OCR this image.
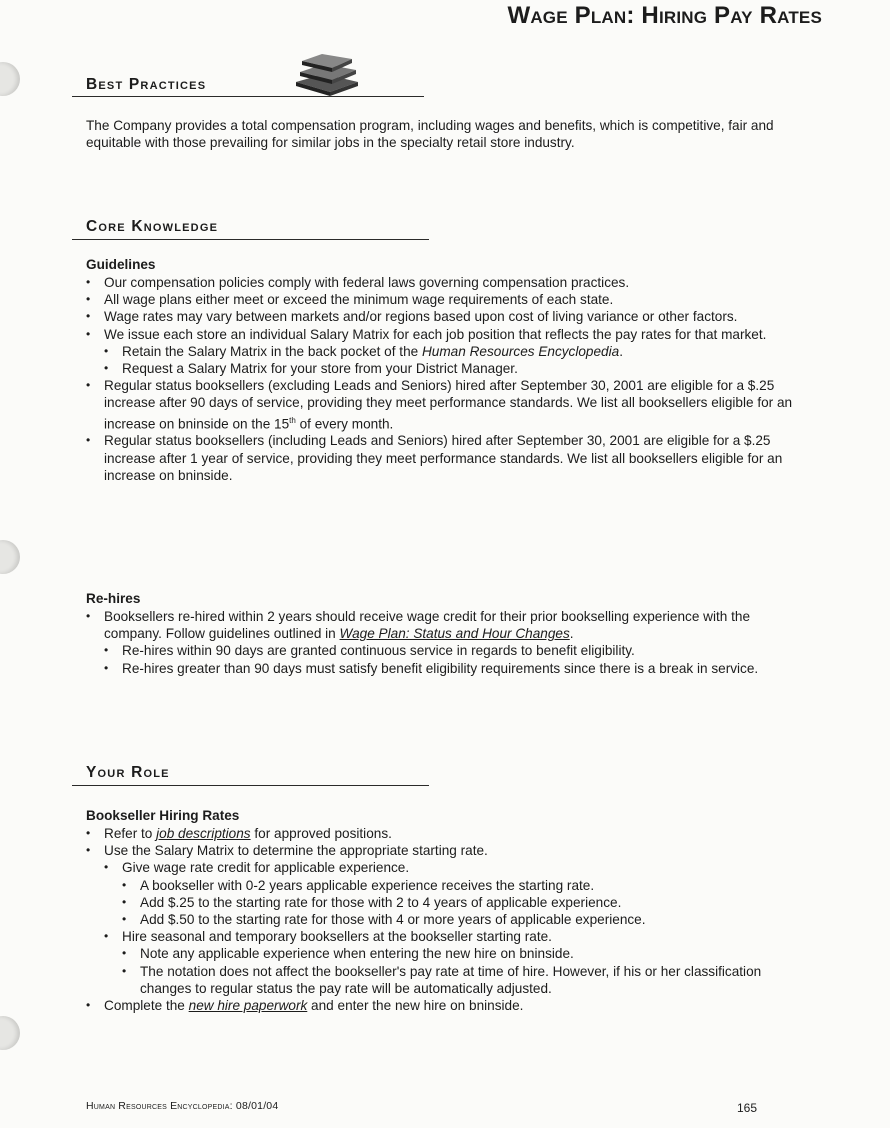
Wage Plan: Hiring Pay Rates
Best Practices

The Company provides a total compensation program, including wages and benefits, which is competitive, fair and equitable with those prevailing for similar jobs in the specialty retail store industry.

Core Knowledge
Guidelines
• Our compensation policies comply with federal laws governing compensation practices.
• All wage plans either meet or exceed the minimum wage requirements of each state.
• Wage rates may vary between markets and/or regions based upon cost of living variance or other factors.
• We issue each store an individual Salary Matrix for each job position that reflects the pay rates for that market.
• Retain the Salary Matrix in the back pocket of the Human Resources Encyclopedia.
• Request a Salary Matrix for your store from your District Manager.
• Regular status booksellers (excluding Leads and Seniors) hired after September 30, 2001 are eligible for a $.25 increase after 90 days of service, providing they meet performance standards. We list all booksellers eligible for an increase on bninside on the 15th of every month.
• Regular status booksellers (including Leads and Seniors) hired after September 30, 2001 are eligible for a $.25 increase after 1 year of service, providing they meet performance standards. We list all booksellers eligible for an increase on bninside.
Re-hires
• Booksellers re-hired within 2 years should receive wage credit for their prior bookselling experience with the company. Follow guidelines outlined in Wage Plan: Status and Hour Changes.
• Re-hires within 90 days are granted continuous service in regards to benefit eligibility.
• Re-hires greater than 90 days must satisfy benefit eligibility requirements since there is a break in service.
Your Role
Bookseller Hiring Rates
• Refer to job descriptions for approved positions.
• Use the Salary Matrix to determine the appropriate starting rate.
• Give wage rate credit for applicable experience.
• A bookseller with 0-2 years applicable experience receives the starting rate.
• Add $.25 to the starting rate for those with 2 to 4 years of applicable experience.
• Add $.50 to the starting rate for those with 4 or more years of applicable experience.
• Hire seasonal and temporary booksellers at the bookseller starting rate.
• Note any applicable experience when entering the new hire on bninside.
• The notation does not affect the bookseller's pay rate at time of hire. However, if his or her classification changes to regular status the pay rate will be automatically adjusted.
• Complete the new hire paperwork and enter the new hire on bninside.
Human Resources Encyclopedia: 08/01/04	165
